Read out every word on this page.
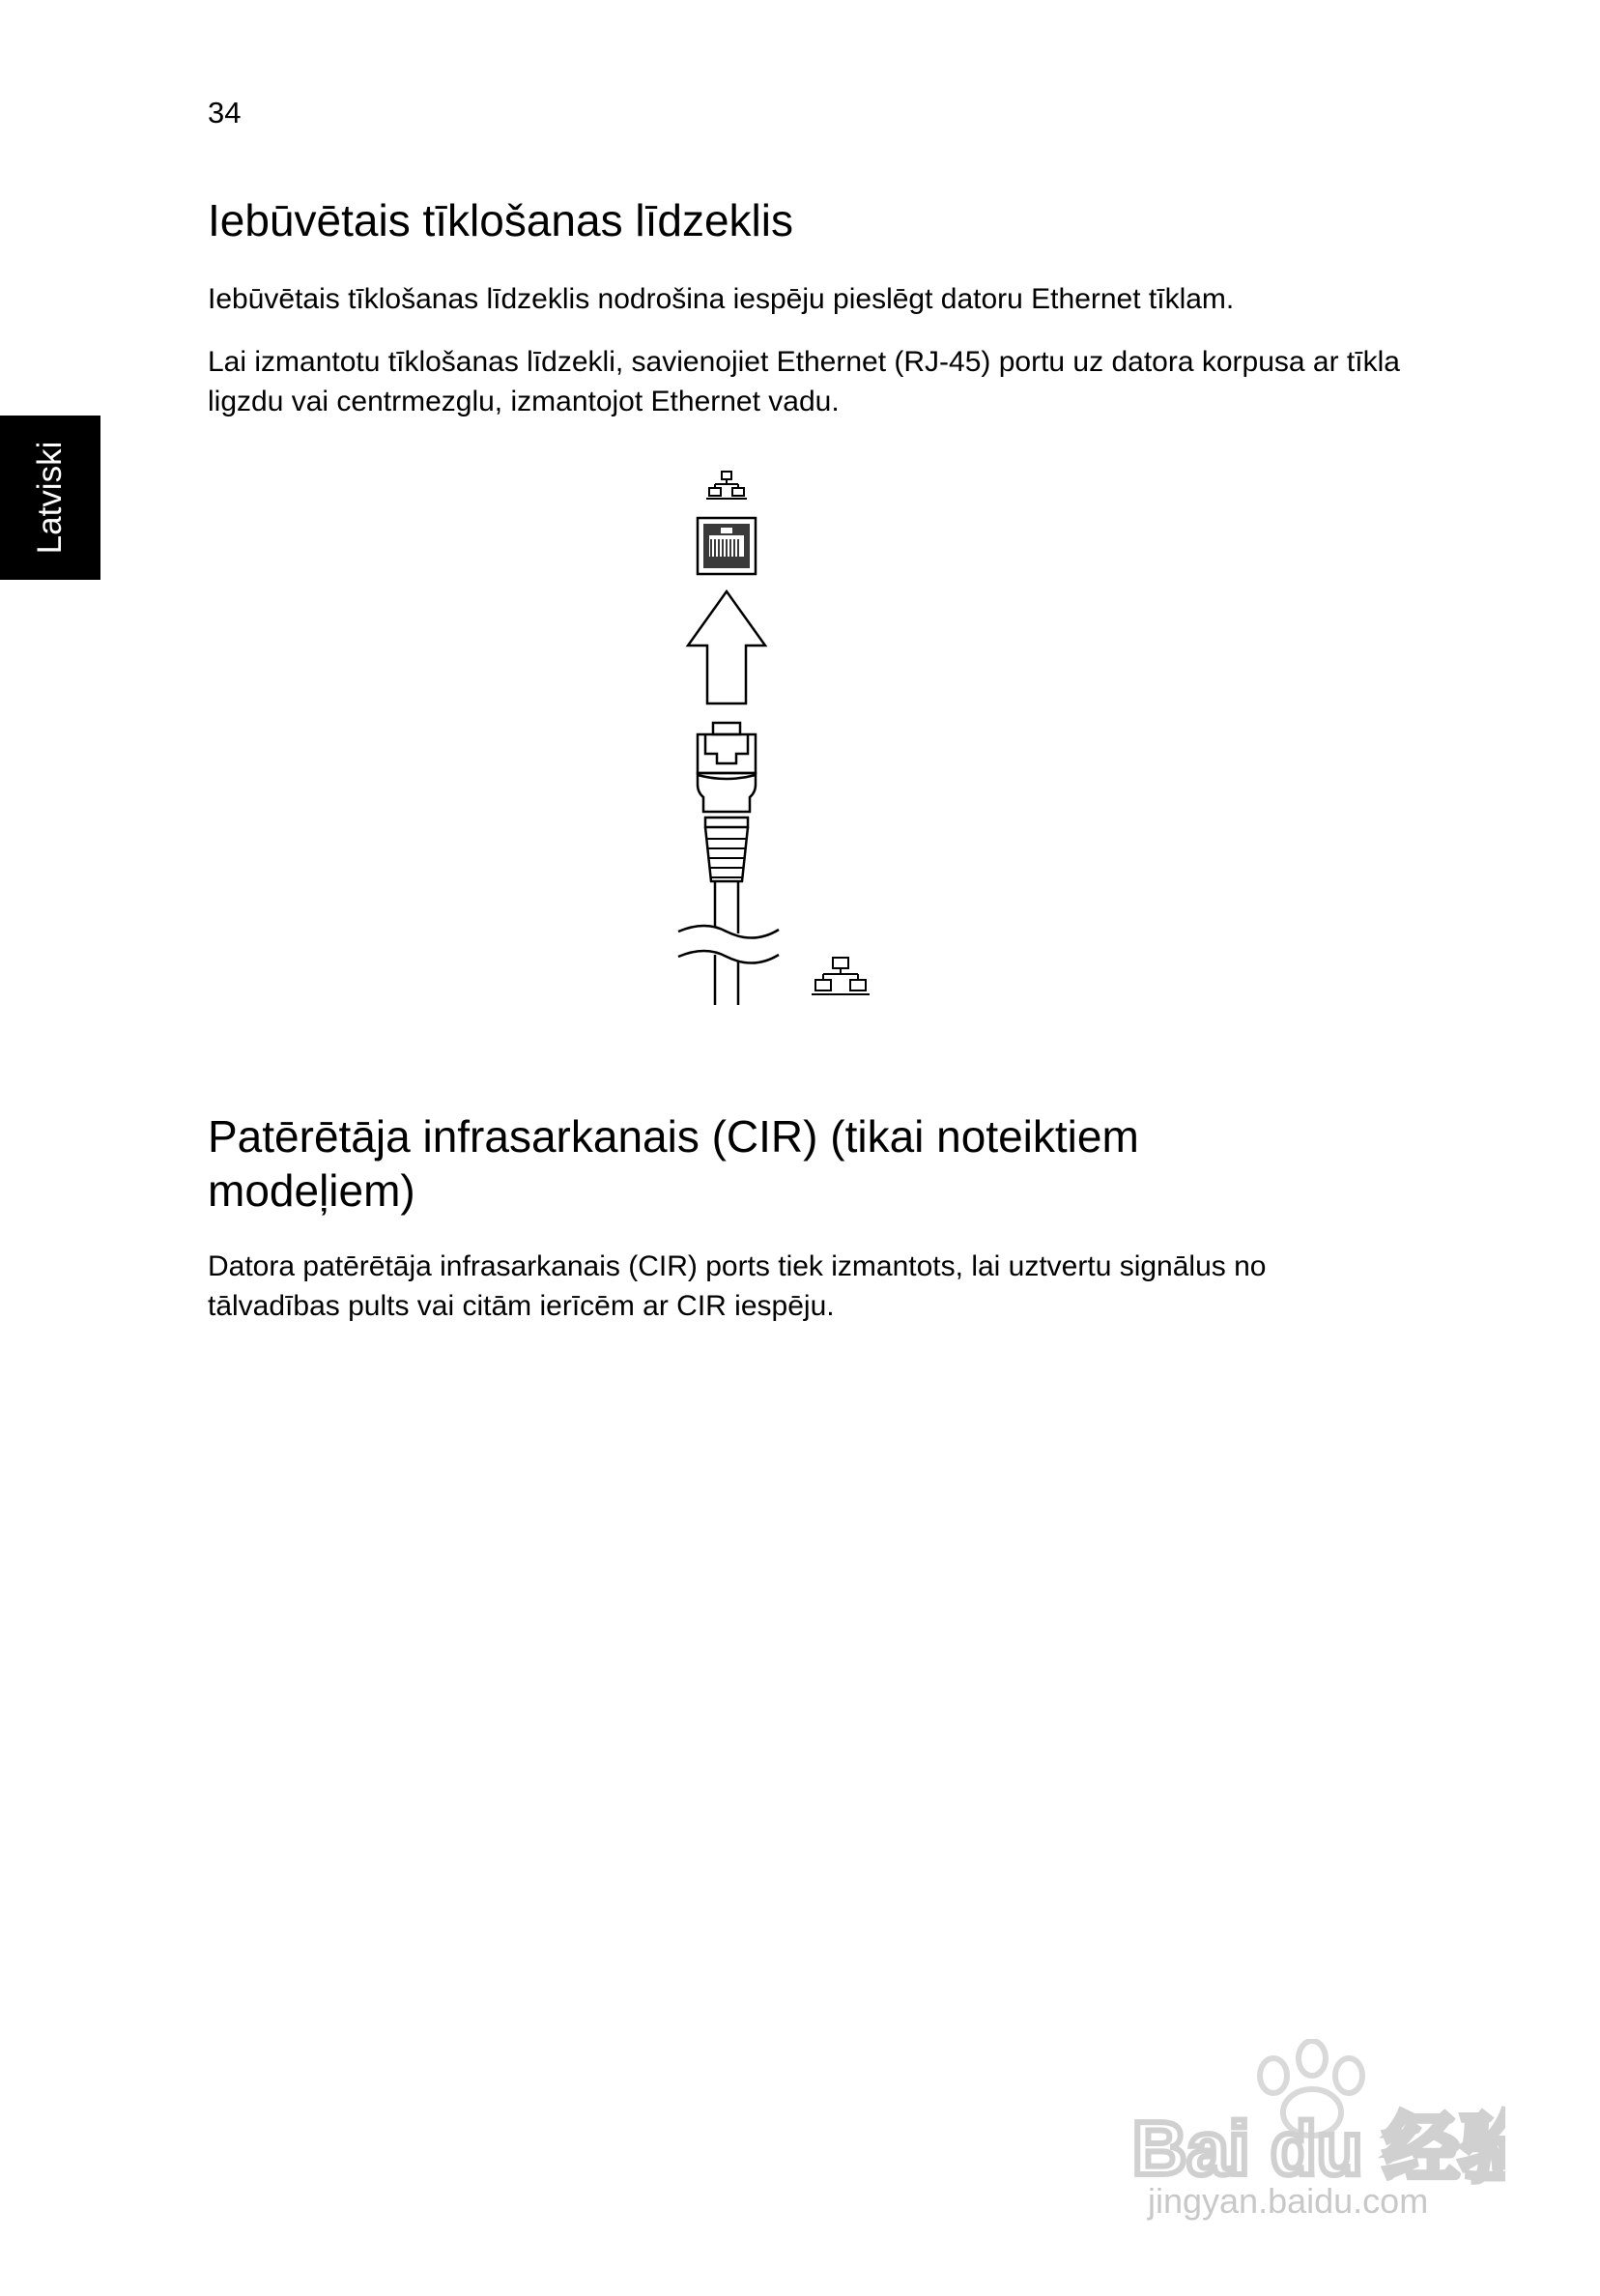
34
Latviski
Iebūvētais tīklošanas līdzeklis

Iebūvētais tīklošanas līdzeklis nodrošina iespēju pieslēgt datoru Ethernet tīklam.

Lai izmantotu tīklošanas līdzekli, savienojiet Ethernet (RJ-45) portu uz datora korpusa ar tīkla ligzdu vai centrmezglu, izmantojot Ethernet vadu.

Patērētāja infrasarkanais (CIR) (tikai noteiktiem modeļiem)

Datora patērētāja infrasarkanais (CIR) ports tiek izmantots, lai uztvertu signālus no tālvadības pults vai citām ierīcēm ar CIR iespēju.

Bai du 经验
jingyan.baidu.com
